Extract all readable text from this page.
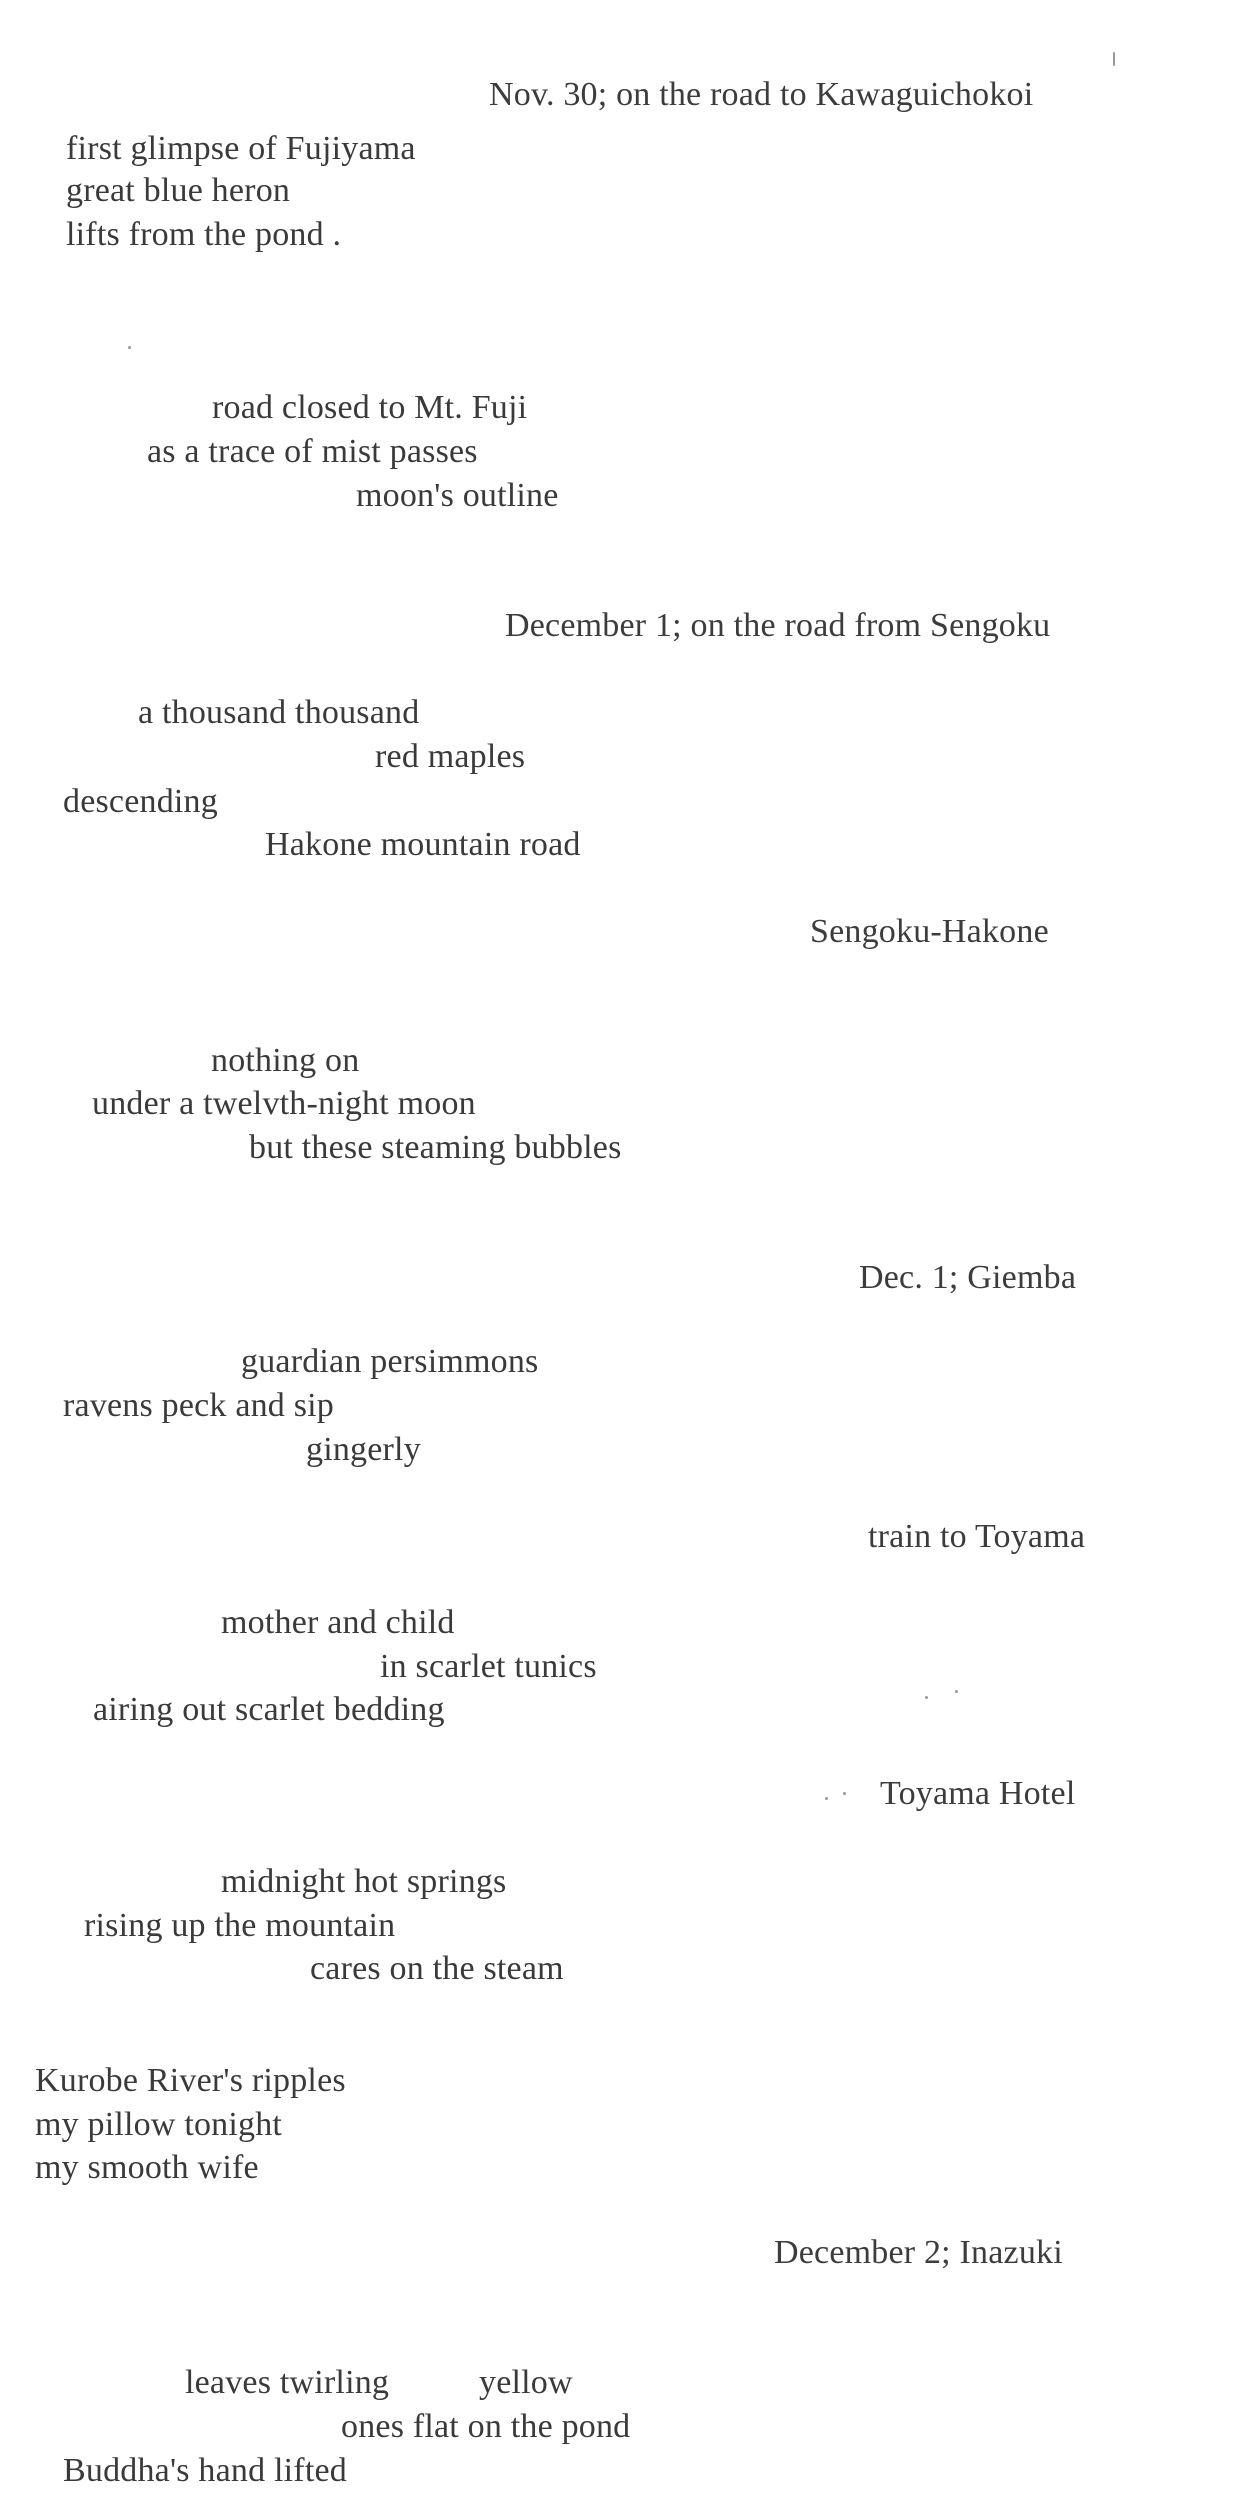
Nov. 30; on the road to Kawaguichokoi
first glimpse of Fujiyama
great blue heron
lifts from the pond .
road closed to Mt. Fuji
as a trace of mist passes
moon's outline
December 1; on the road from Sengoku
a thousand thousand
red maples
descending
Hakone mountain road
Sengoku-Hakone
nothing on
under a twelvth-night moon
but these steaming bubbles
Dec. 1; Giemba
guardian persimmons
ravens peck and sip
gingerly
train to Toyama
mother and child
in scarlet tunics
airing out scarlet bedding
Toyama Hotel
midnight hot springs
rising up the mountain
cares on the steam
Kurobe River's ripples
my pillow tonight
my smooth wife
December 2; Inazuki
leaves twirling	yellow
ones flat on the pond
Buddha's hand lifted
